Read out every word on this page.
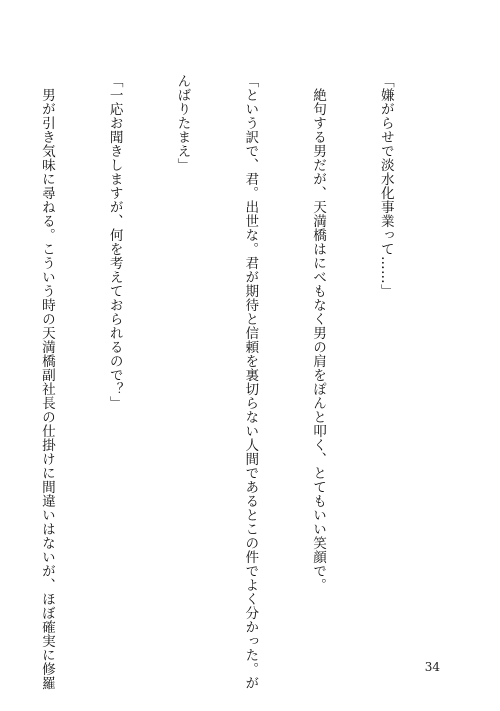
「嫌がらせで淡水化事業って……」

　絶句する男だが、天満橋はにべもなく男の肩をぽんと叩く、とてもいい笑顔で。

「という訳で、君。出世な。君が期待と信頼を裏切らない人間であるとこの件でよく分かった。が

んばりたまえ」

「一応お聞きしますが、何を考えておられるので？」

　男が引き気味に尋ねる。こういう時の天満橋副社長の仕掛けに間違いはないが、ほぼ確実に修羅

	34
